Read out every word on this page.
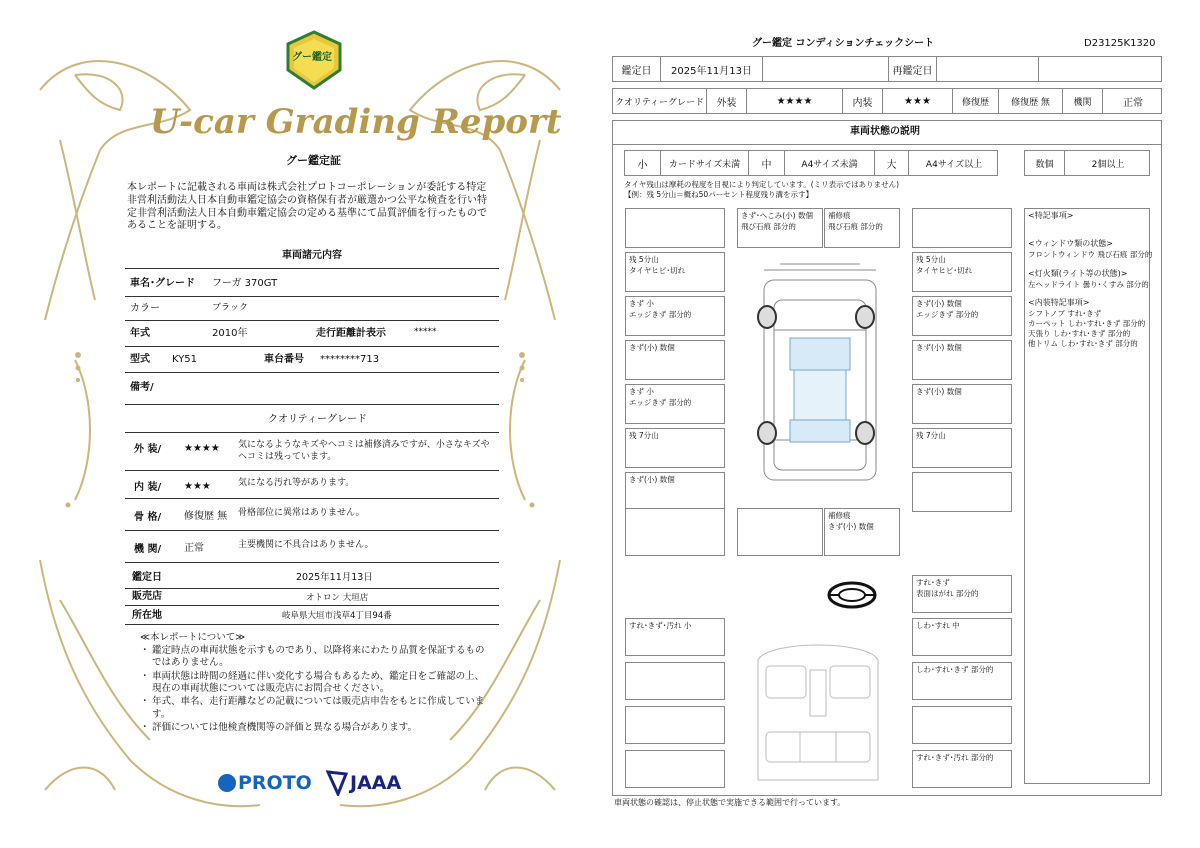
グー鑑定
U-car Grading Report
グー鑑定証
本レポートに記載される車両は株式会社プロトコーポレーションが委託する特定非営利活動法人日本自動車鑑定協会の資格保有者が厳選かつ公平な検査を行い特定非営利活動法人日本自動車鑑定協会の定める基準にて品質評価を行ったものであることを証明する。
車両諸元内容
車名･グレード フーガ 370GT
カラー	ブラック
年式	2010年	走行距離計表示	*****
型式 KY51	車台番号 ********713
備考/
クオリティーグレード
外 装/ ★★★★ 気になるようなキズやヘコミは補修済みですが、小さなキズやヘコミは残っています。
内 装/ ★★★	気になる汚れ等があります。
骨 格/ 修復歴 無 骨格部位に異常はありません。
機 関/ 正常	主要機関に不具合はありません。
鑑定日	2025年11月13日
販売店	オトロン 大垣店
所在地	岐阜県大垣市浅草4丁目94番
≪本レポートについて≫
・ 鑑定時点の車両状態を示すものであり、以降将来にわたり品質を保証するものではありません。
・ 車両状態は時間の経過に伴い変化する場合もあるため、鑑定日をご確認の上、現在の車両状態については販売店にお問合せください。
・ 年式、車名、走行距離などの記載については販売店申告をもとに作成しています。
・ 評価については他検査機関等の評価と異なる場合があります。
PROTO JAAA
グー鑑定 コンディションチェックシート	D23125K1320
鑑定日 2025年11月13日	再鑑定日
クオリティーグレード 外装	★★★★	内装	★★★	修復歴 修復歴 無	機関	正常
車両状態の説明
小 カードサイズ未満 中	A4サイズ未満	大	A4サイズ以上	数個	2個以上
タイヤ残山は摩耗の程度を目視により判定しています。(ミリ表示ではありません)
【例：残 5分山＝概ね50パーセント程度残り溝を示す】
<特記事項>
<ウィンドウ類の状態>
フロントウィンドウ 飛び石痕 部分的
<灯火類(ライト等の状態)>
左ヘッドライト 曇り･くすみ 部分的
<内装特記事項>
シフトノブ すれ･きず
カーペット しわ･すれ･きず 部分的
天張り しわ･すれ･きず 部分的
他トリム しわ･すれ･きず 部分的
きず･へこみ(小) 数個
飛び石痕 部分的
補修痕
飛び石痕 部分的
残 5分山
タイヤヒビ･切れ
残 5分山
タイヤヒビ･切れ
きず 小
エッジきず 部分的
きず(小) 数個
エッジきず 部分的
きず(小) 数個	きず(小) 数個
きず 小
エッジきず 部分的
きず(小) 数個
残 7分山	残 7分山
きず(小) 数個
補修痕
きず(小) 数個
すれ･きず
表面はがれ 部分的
すれ･きず･汚れ 小	しわ･すれ 中
しわ･すれ･きず 部分的
すれ･きず･汚れ 部分的
車両状態の確認は、停止状態で実施できる範囲で行っています。
